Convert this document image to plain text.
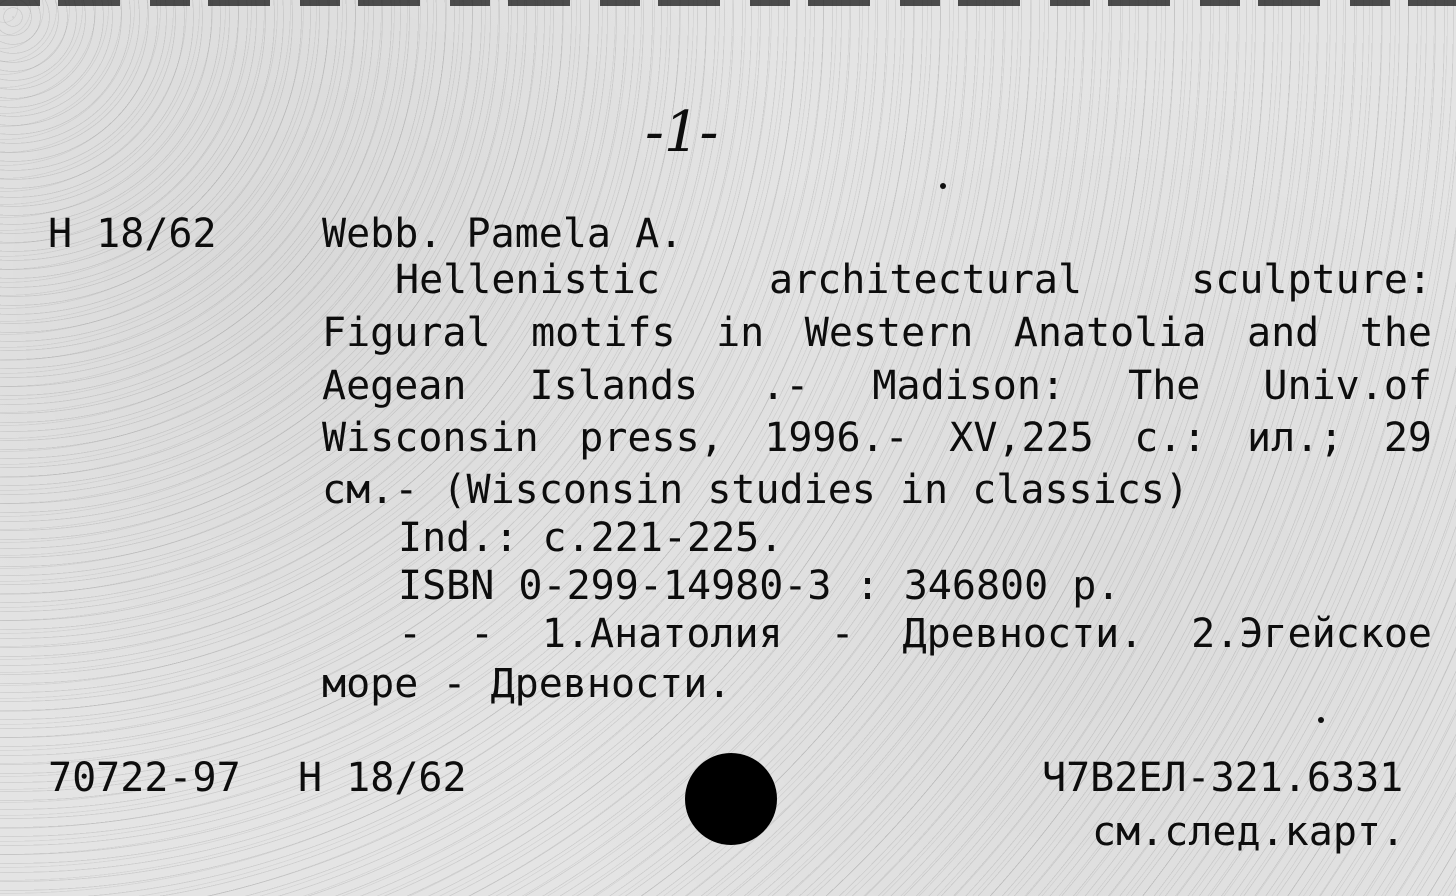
-1-
Н 18/62	Webb. Pamela A.
Hellenistic architectural sculpture:
Figural motifs in Western Anatolia and the
Aegean Islands .- Madison: The Univ.of
Wisconsin press, 1996.- XV,225 c.: ил.; 29
см.- (Wisconsin studies in classics)
Ind.: c.221-225.
ISBN 0-299-14980-3 : 346800 р.
- - 1.Анатолия - Древности. 2.Эгейское
море - Древности.
70722-97 Н 18/62	Ч7В2ЕЛ-321.6331
см.след.карт.
